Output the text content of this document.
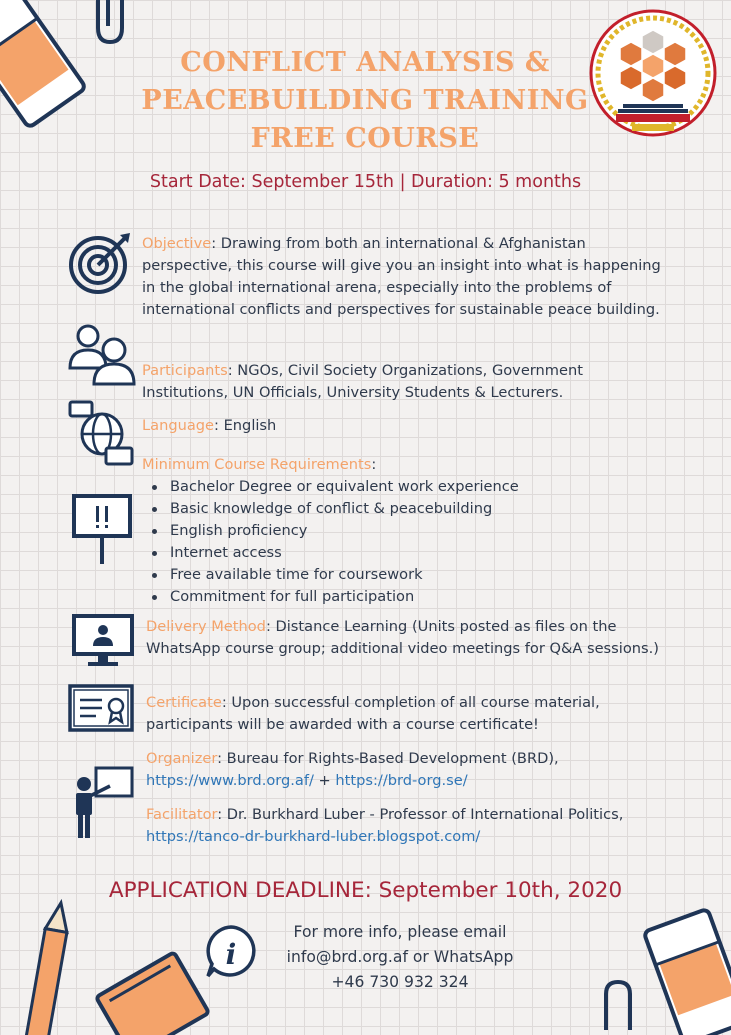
CONFLICT ANALYSIS &
PEACEBUILDING TRAINING
FREE COURSE
Start Date: September 15th | Duration: 5 months
Objective: Drawing from both an international & Afghanistan perspective, this course will give you an insight into what is happening in the global international arena, especially into the problems of international conflicts and perspectives for sustainable peace building.
Participants: NGOs, Civil Society Organizations, Government Institutions, UN Officials, University Students & Lecturers.
Language: English
Minimum Course Requirements:
Bachelor Degree or equivalent work experience
Basic knowledge of conflict & peacebuilding
English proficiency
Internet access
Free available time for coursework
Commitment for full participation
Delivery Method: Distance Learning (Units posted as files on the WhatsApp course group; additional video meetings for Q&A sessions.)
Certificate: Upon successful completion of all course material, participants will be awarded with a course certificate!
Organizer: Bureau for Rights-Based Development (BRD),
https://www.brd.org.af/ + https://brd-org.se/
Facilitator: Dr. Burkhard Luber - Professor of International Politics, https://tanco-dr-burkhard-luber.blogspot.com/
APPLICATION DEADLINE: September 10th, 2020
i
For more info, please email
info@brd.org.af or WhatsApp
+46 730 932 324
